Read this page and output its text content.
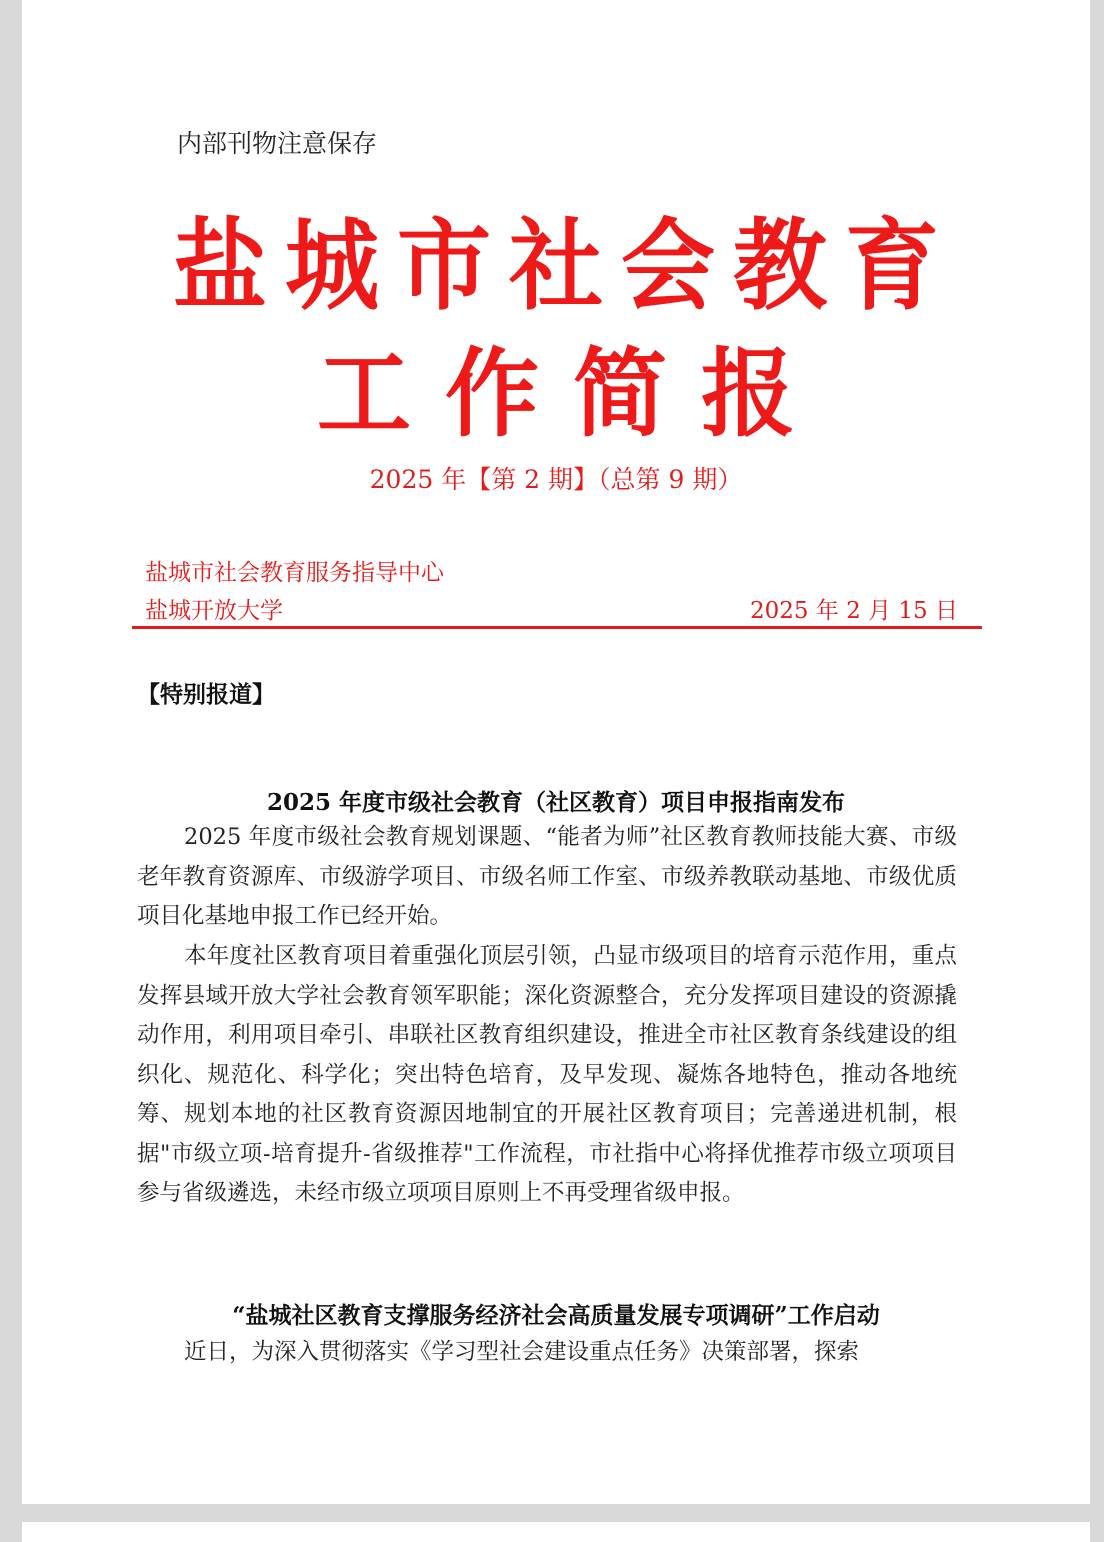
内部刊物注意保存
盐城市社会教育
工作简报
2025 年【第 2 期】（总第 9 期）
盐城市社会教育服务指导中心
盐城开放大学	2025 年 2 月 15 日
【特别报道】
2025 年度市级社会教育（社区教育）项目申报指南发布
2025 年度市级社会教育规划课题、“能者为师”社区教育教师技能大赛、市级老年教育资源库、市级游学项目、市级名师工作室、市级养教联动基地、市级优质项目化基地申报工作已经开始。
本年度社区教育项目着重强化顶层引领，凸显市级项目的培育示范作用，重点发挥县域开放大学社会教育领军职能；深化资源整合，充分发挥项目建设的资源撬动作用，利用项目牵引、串联社区教育组织建设，推进全市社区教育条线建设的组织化、规范化、科学化；突出特色培育，及早发现、凝炼各地特色，推动各地统筹、规划本地的社区教育资源因地制宜的开展社区教育项目；完善递进机制，根据"市级立项-培育提升-省级推荐"工作流程，市社指中心将择优推荐市级立项项目参与省级遴选，未经市级立项项目原则上不再受理省级申报。
“盐城社区教育支撑服务经济社会高质量发展专项调研”工作启动
近日，为深入贯彻落实《学习型社会建设重点任务》决策部署，探索
